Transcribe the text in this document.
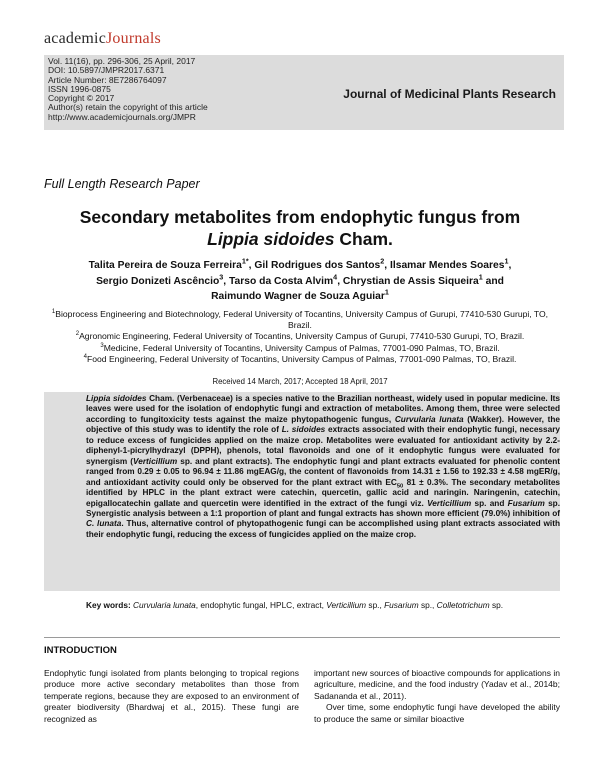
academicJournals
Vol. 11(16), pp. 296-306, 25 April, 2017
DOI: 10.5897/JMPR2017.6371
Article Number: 8E7286764097
ISSN 1996-0875
Copyright © 2017
Author(s) retain the copyright of this article
http://www.academicjournals.org/JMPR
Journal of Medicinal Plants Research
Full Length Research Paper
Secondary metabolites from endophytic fungus from
Lippia sidoides Cham.
Talita Pereira de Souza Ferreira$^{1*}$, Gil Rodrigues dos Santos$^2$, Ilsamar Mendes Soares$^1$,
Sergio Donizeti Ascêncio$^3$, Tarso da Costa Alvim$^4$, Chrystian de Assis Siqueira$^1$ and
Raimundo Wagner de Souza Aguiar$^1$
$^1$Bioprocess Engineering and Biotechnology, Federal University of Tocantins, University Campus of Gurupi, 77410-530 Gurupi, TO, Brazil.
$^2$Agronomic Engineering, Federal University of Tocantins, University Campus of Gurupi, 77410-530 Gurupi, TO, Brazil.
$^3$Medicine, Federal University of Tocantins, University Campus of Palmas, 77001-090 Palmas, TO, Brazil.
$^4$Food Engineering, Federal University of Tocantins, University Campus of Palmas, 77001-090 Palmas, TO, Brazil.
Received 14 March, 2017; Accepted 18 April, 2017

Lippia sidoides Cham. (Verbenaceae) is a species native to the Brazilian northeast, widely used in popular medicine. Its leaves were used for the isolation of endophytic fungi and extraction of metabolites. Among them, three were selected according to fungitoxicity tests against the maize phytopathogenic fungus, Curvularia lunata (Wakker). However, the objective of this study was to identify the role of L. sidoides extracts associated with their endophytic fungi, necessary to reduce excess of fungicides applied on the maize crop. Metabolites were evaluated for antioxidant activity by 2.2-diphenyl-1-picrylhydrazyl (DPPH), phenols, total flavonoids and one of it endophytic fungus were evaluated for synergism (Verticillium sp. and plant extracts). The endophytic fungi and plant extracts evaluated for phenolic content ranged from 0.29 ± 0.05 to 96.94 ± 11.86 mgEAG/g, the content of flavonoids from 14.31 ± 1.56 to 192.33 ± 4.58 mgER/g, and antioxidant activity could only be observed for the plant extract with $EC_{50}$ 81 ± 0.3%. The secondary metabolites identified by HPLC in the plant extract were catechin, quercetin, gallic acid and naringin. Naringenin, catechin, epigallocatechin gallate and quercetin were identified in the extract of the fungi viz. Verticillium sp. and Fusarium sp. Synergistic analysis between a 1:1 proportion of plant and fungal extracts has shown more efficient (79.0%) inhibition of C. lunata. Thus, alternative control of phytopathogenic fungi can be accomplished using plant extracts associated with their endophytic fungi, reducing the excess of fungicides applied on the maize crop.

Key words: Curvularia lunata, endophytic fungal, HPLC, extract, Verticillium sp., Fusarium sp., Colletotrichum sp.
INTRODUCTION

Endophytic fungi isolated from plants belonging to tropical regions produce more active secondary metabolites than those from temperate regions, because they are exposed to an environment of greater biodiversity (Bhardwaj et al., 2015). These fungi are recognized as

important new sources of bioactive compounds for applications in agriculture, medicine, and the food industry (Yadav et al., 2014b; Sadananda et al., 2011).

Over time, some endophytic fungi have developed the ability to produce the same or similar bioactive
